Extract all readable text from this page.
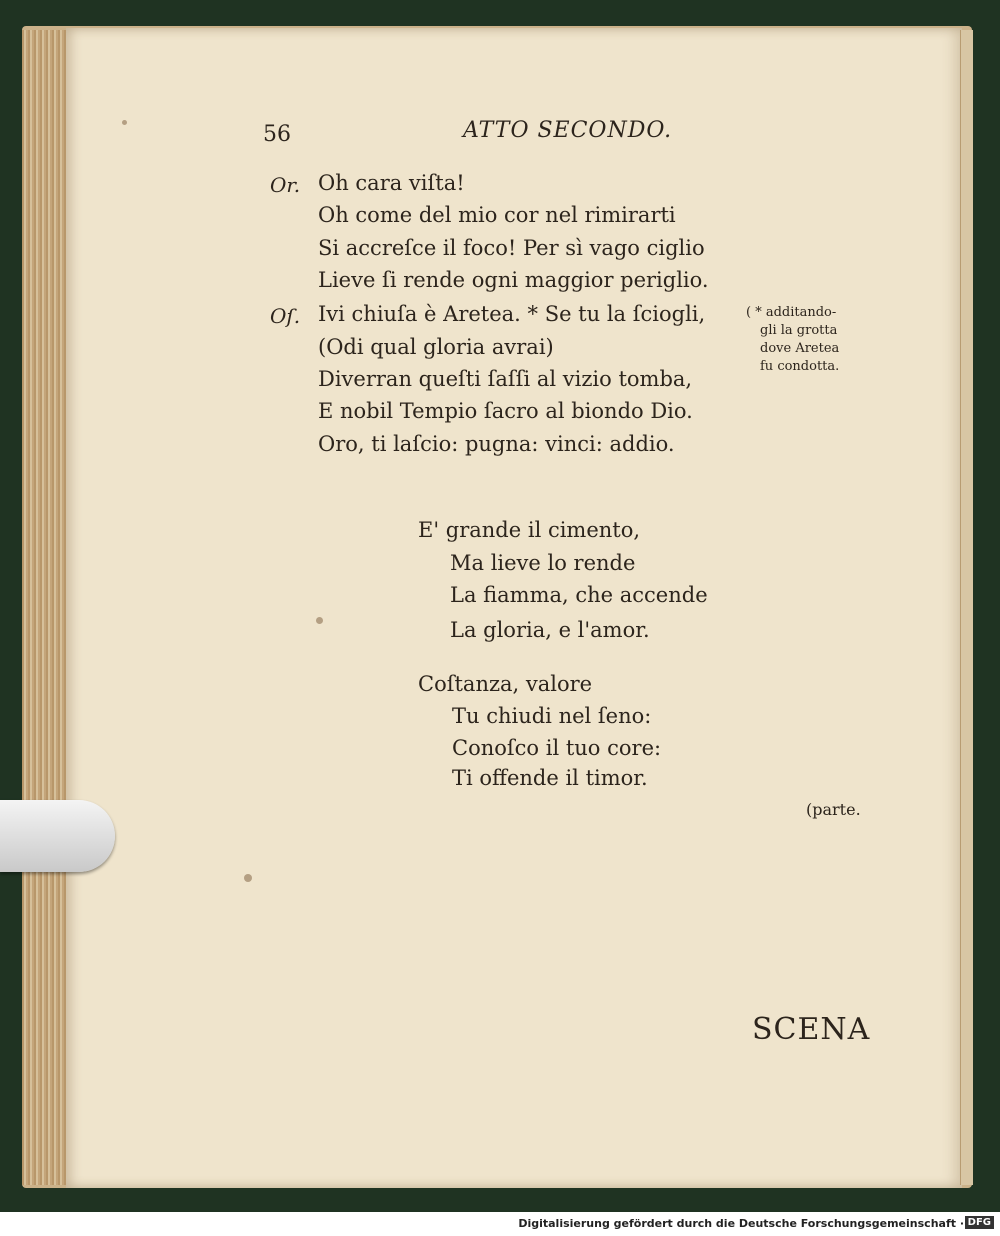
56	ATTO SECONDO.
Or. Oh cara viſta!
Oh come del mio cor nel rimirarti
Si accreſce il foco! Per sì vago ciglio
Lieve ſi rende ogni maggior periglio.
Oſ. Ivi chiuſa è Aretea. * Se tu la ſciogli,
(Odi qual gloria avrai)
Diverran queſti ſaſſi al vizio tomba,
E nobil Tempio ſacro al biondo Dio.
Oro, ti laſcio: pugna: vinci: addio.
( * additando-
gli la grotta
dove Aretea
fu condotta.
E' grande il cimento,
Ma lieve lo rende
La fiamma, che accende
La gloria, e l'amor.
Coſtanza, valore
Tu chiudi nel ſeno:
Conoſco il tuo core:
Ti offende il timor.
(parte.
SCENA
Digitalisierung gefördert durch die Deutsche Forschungsgemeinschaft · DFG
